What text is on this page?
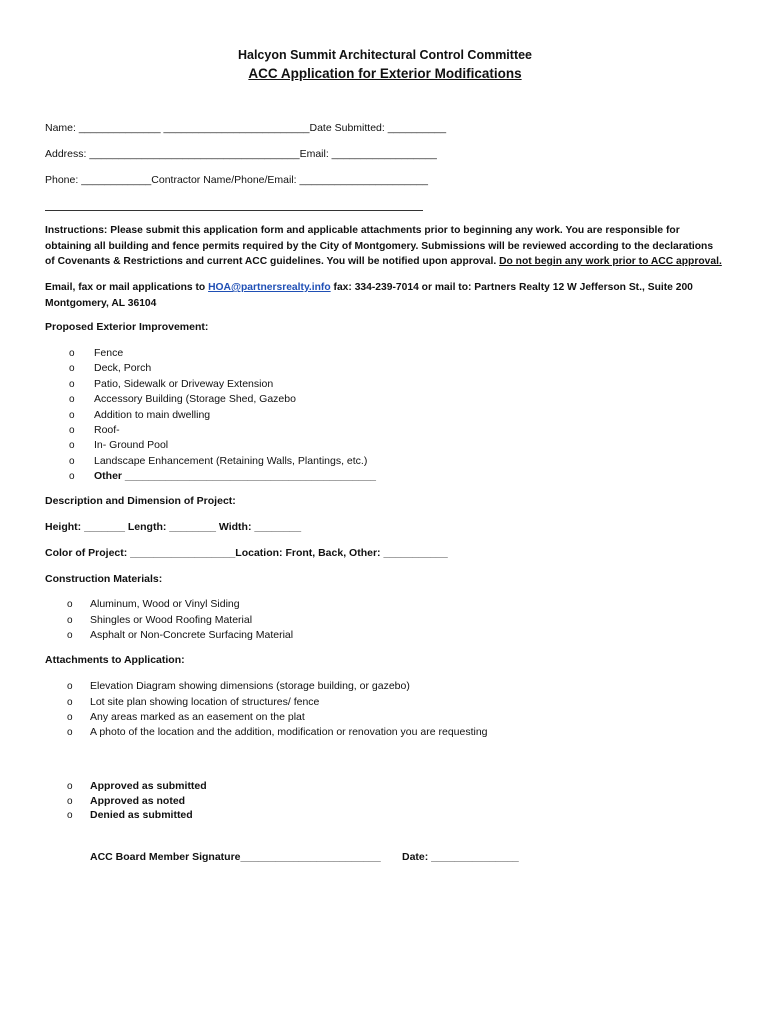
Halcyon Summit Architectural Control Committee
ACC Application for Exterior Modifications
Name: ______________ _________________________Date Submitted: __________
Address: ____________________________________Email: __________________
Phone: ____________Contractor Name/Phone/Email: ______________________
Instructions: Please submit this application form and applicable attachments prior to beginning any work. You are responsible for obtaining all building and fence permits required by the City of Montgomery. Submissions will be reviewed according to the declarations of Covenants & Restrictions and current ACC guidelines. You will be notified upon approval. Do not begin any work prior to ACC approval.
Email, fax or mail applications to HOA@partnersrealty.info fax: 334-239-7014 or mail to: Partners Realty 12 W Jefferson St., Suite 200 Montgomery, AL 36104
Proposed Exterior Improvement:
o Fence
o Deck, Porch
o Patio, Sidewalk or Driveway Extension
o Accessory Building (Storage Shed, Gazebo
o Addition to main dwelling
o Roof-
o In- Ground Pool
o Landscape Enhancement (Retaining Walls, Plantings, etc.)
o Other ___________________________________________
Description and Dimension of Project:
Height: _______ Length: ________ Width: ________
Color of Project: __________________Location: Front, Back, Other: ___________
Construction Materials:
o Aluminum, Wood or Vinyl Siding
o Shingles or Wood Roofing Material
o Asphalt or Non-Concrete Surfacing Material
Attachments to Application:
o Elevation Diagram showing dimensions (storage building, or gazebo)
o Lot site plan showing location of structures/ fence
o Any areas marked as an easement on the plat
o A photo of the location and the addition, modification or renovation you are requesting
o Approved as submitted
o Approved as noted
o Denied as submitted
ACC Board Member Signature________________________ Date: _______________
